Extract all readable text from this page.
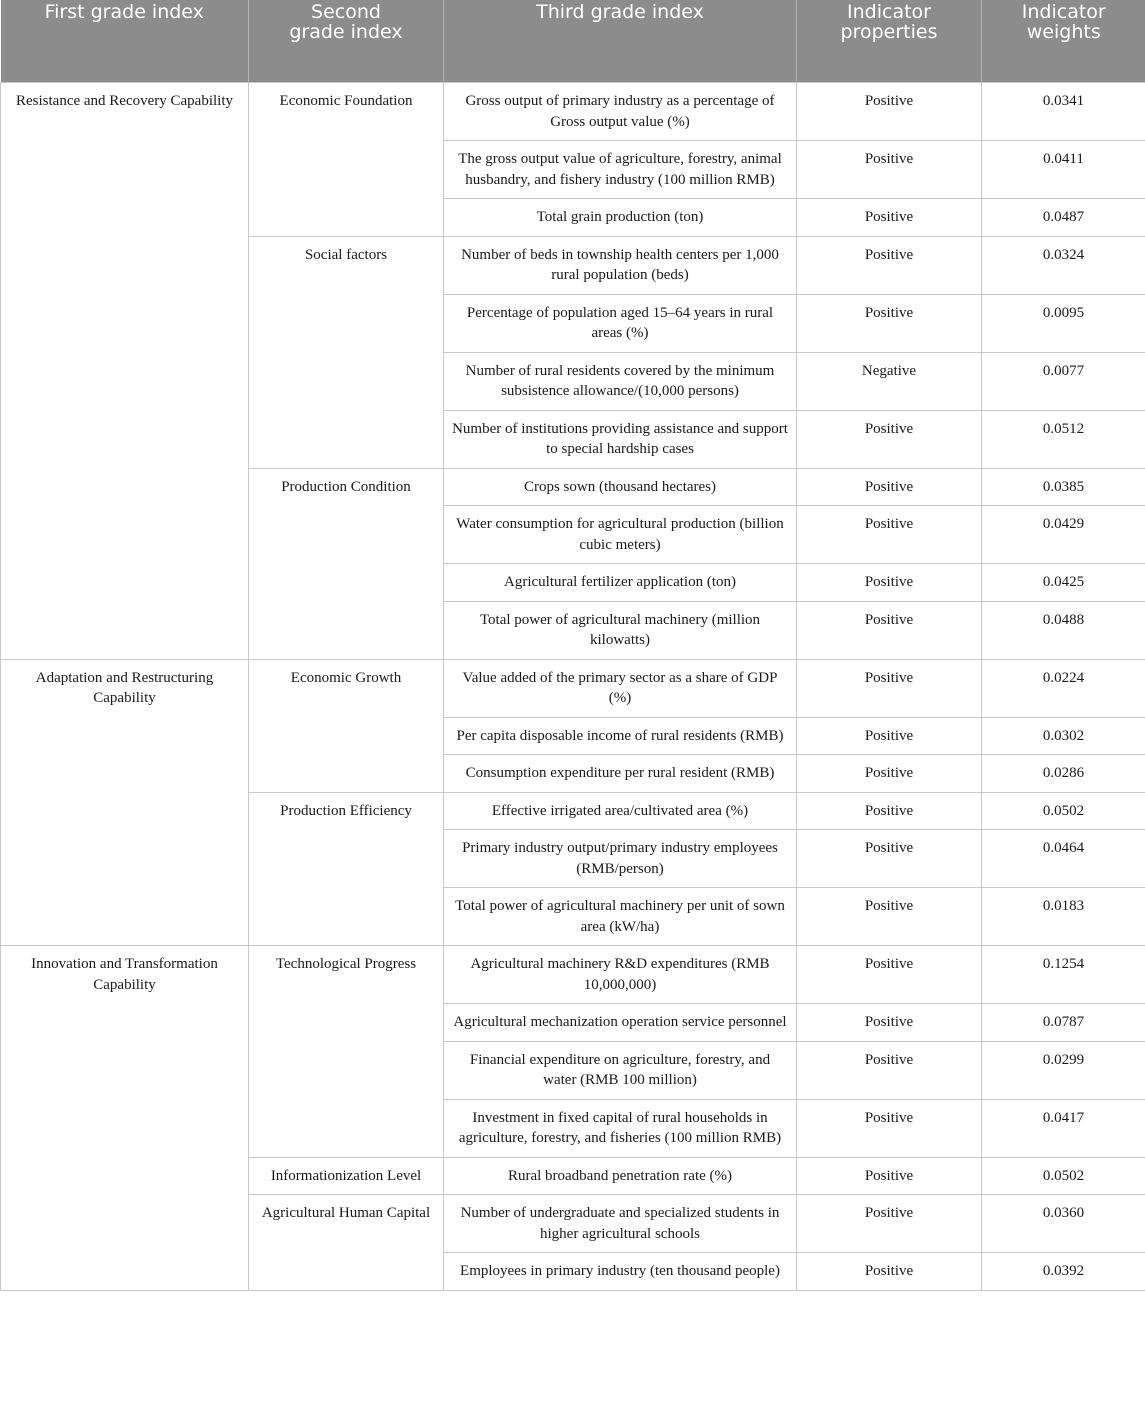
First grade index	Second grade index	Third grade index	Indicator properties	Indicator weights
Resistance and Recovery Capability	Economic Foundation	Gross output of primary industry as a percentage of Gross output value (%)	Positive	0.0341
		The gross output value of agriculture, forestry, animal husbandry, and fishery industry (100 million RMB)	Positive	0.0411
		Total grain production (ton)	Positive	0.0487
	Social factors	Number of beds in township health centers per 1,000 rural population (beds)	Positive	0.0324
		Percentage of population aged 15–64 years in rural areas (%)	Positive	0.0095
		Number of rural residents covered by the minimum subsistence allowance/(10,000 persons)	Negative	0.0077
		Number of institutions providing assistance and support to special hardship cases	Positive	0.0512
	Production Condition	Crops sown (thousand hectares)	Positive	0.0385
		Water consumption for agricultural production (billion cubic meters)	Positive	0.0429
		Agricultural fertilizer application (ton)	Positive	0.0425
		Total power of agricultural machinery (million kilowatts)	Positive	0.0488
Adaptation and Restructuring Capability	Economic Growth	Value added of the primary sector as a share of GDP (%)	Positive	0.0224
		Per capita disposable income of rural residents (RMB)	Positive	0.0302
		Consumption expenditure per rural resident (RMB)	Positive	0.0286
	Production Efficiency	Effective irrigated area/cultivated area (%)	Positive	0.0502
		Primary industry output/primary industry employees (RMB/person)	Positive	0.0464
		Total power of agricultural machinery per unit of sown area (kW/ha)	Positive	0.0183
Innovation and Transformation Capability	Technological Progress	Agricultural machinery R&D expenditures (RMB 10,000,000)	Positive	0.1254
		Agricultural mechanization operation service personnel	Positive	0.0787
		Financial expenditure on agriculture, forestry, and water (RMB 100 million)	Positive	0.0299
		Investment in fixed capital of rural households in agriculture, forestry, and fisheries (100 million RMB)	Positive	0.0417
	Informationization Level	Rural broadband penetration rate (%)	Positive	0.0502
	Agricultural Human Capital	Number of undergraduate and specialized students in higher agricultural schools	Positive	0.0360
		Employees in primary industry (ten thousand people)	Positive	0.0392
